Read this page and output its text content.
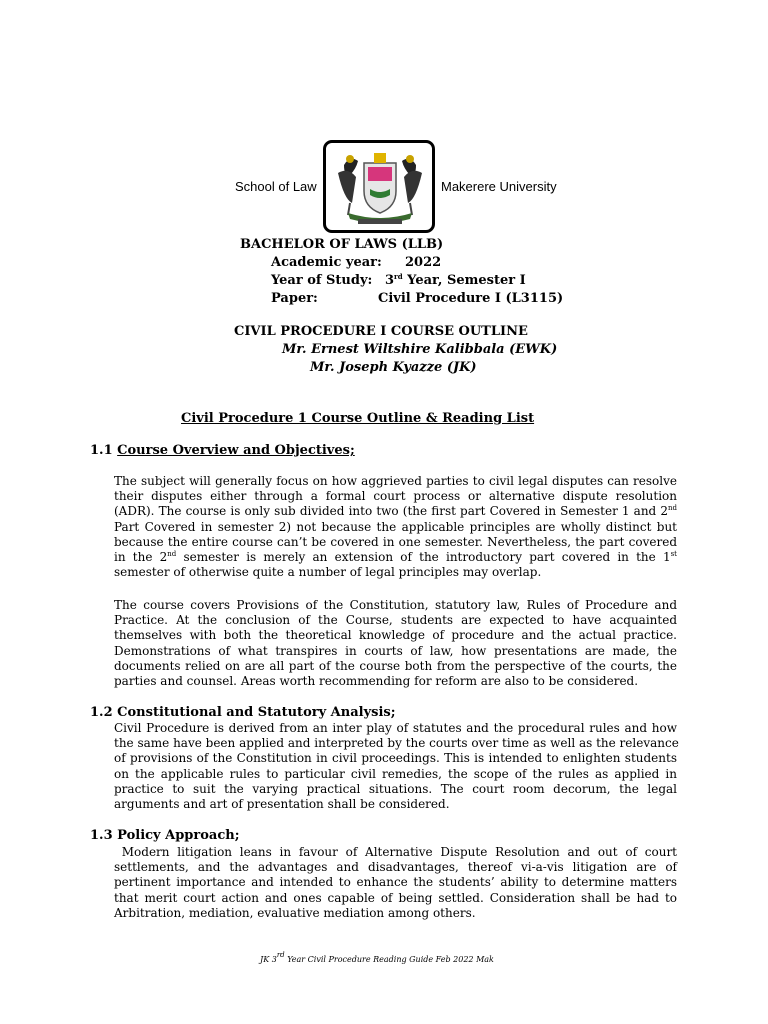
School of Law	Makerere University
BACHELOR OF LAWS (LLB)
Academic year: 2022
Year of Study: 3rd Year, Semester I
Paper:	Civil Procedure I (L3115)
CIVIL PROCEDURE I COURSE OUTLINE
Mr. Ernest Wiltshire Kalibbala (EWK)
Mr. Joseph Kyazze (JK)
Civil Procedure 1 Course Outline & Reading List
1.1 Course Overview and Objectives;
The subject will generally focus on how aggrieved parties to civil legal disputes can resolve
their disputes either through a formal court process or alternative dispute resolution
(ADR). The course is only sub divided into two (the first part Covered in Semester 1 and 2nd
Part Covered in semester 2) not because the applicable principles are wholly distinct but
because the entire course can’t be covered in one semester. Nevertheless, the part covered
in the 2nd semester is merely an extension of the introductory part covered in the 1st
semester of otherwise quite a number of legal principles may overlap.
The course covers Provisions of the Constitution, statutory law, Rules of Procedure and
Practice. At the conclusion of the Course, students are expected to have acquainted
themselves with both the theoretical knowledge of procedure and the actual practice.
Demonstrations of what transpires in courts of law, how presentations are made, the
documents relied on are all part of the course both from the perspective of the courts, the
parties and counsel. Areas worth recommending for reform are also to be considered.
1.2 Constitutional and Statutory Analysis;
Civil Procedure is derived from an inter play of statutes and the procedural rules and how
the same have been applied and interpreted by the courts over time as well as the relevance
of provisions of the Constitution in civil proceedings. This is intended to enlighten students
on the applicable rules to particular civil remedies, the scope of the rules as applied in
practice to suit the varying practical situations. The court room decorum, the legal
arguments and art of presentation shall be considered.
1.3 Policy Approach;
Modern litigation leans in favour of Alternative Dispute Resolution and out of court
settlements, and the advantages and disadvantages, thereof vi-a-vis litigation are of
pertinent importance and intended to enhance the students’ ability to determine matters
that merit court action and ones capable of being settled. Consideration shall be had to
Arbitration, mediation, evaluative mediation among others.
JK 3rd Year Civil Procedure Reading Guide Feb 2022 Mak
